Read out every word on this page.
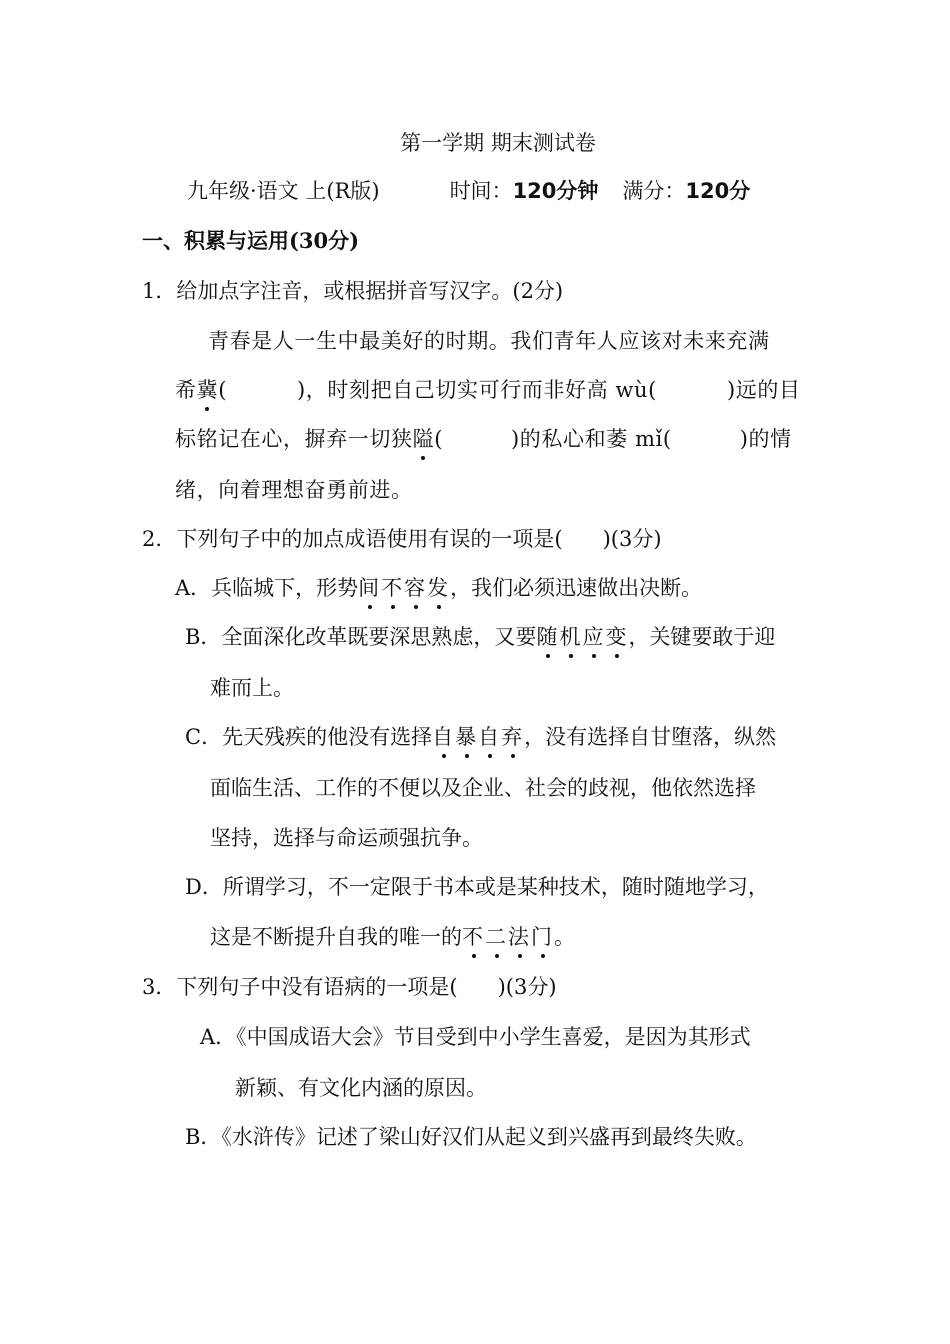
第一学期 期末测试卷
九年级·语文 上(R版)	时间：120分钟 满分：120分
一、积累与运用(30分)
1．给加点字注音，或根据拼音写汉字。(2分)
青春是人一生中最美好的时期。我们青年人应该对未来充满
希冀(	)，时刻把自己切实可行而非好高 wù(	)远的目
标铭记在心，摒弃一切狭隘(	)的私心和萎 mǐ(	)的情
绪，向着理想奋勇前进。
2．下列句子中的加点成语使用有误的一项是( )(3分)
A．兵临城下，形势间不容发，我们必须迅速做出决断。
B．全面深化改革既要深思熟虑，又要随机应变，关键要敢于迎
难而上。
C．先天残疾的他没有选择自暴自弃，没有选择自甘堕落，纵然
面临生活、工作的不便以及企业、社会的歧视，他依然选择
坚持，选择与命运顽强抗争。
D．所谓学习，不一定限于书本或是某种技术，随时随地学习，
这是不断提升自我的唯一的不二法门。
3．下列句子中没有语病的一项是( )(3分)
A．《中国成语大会》节目受到中小学生喜爱，是因为其形式
新颖、有文化内涵的原因。
B．《水浒传》记述了梁山好汉们从起义到兴盛再到最终失败。
